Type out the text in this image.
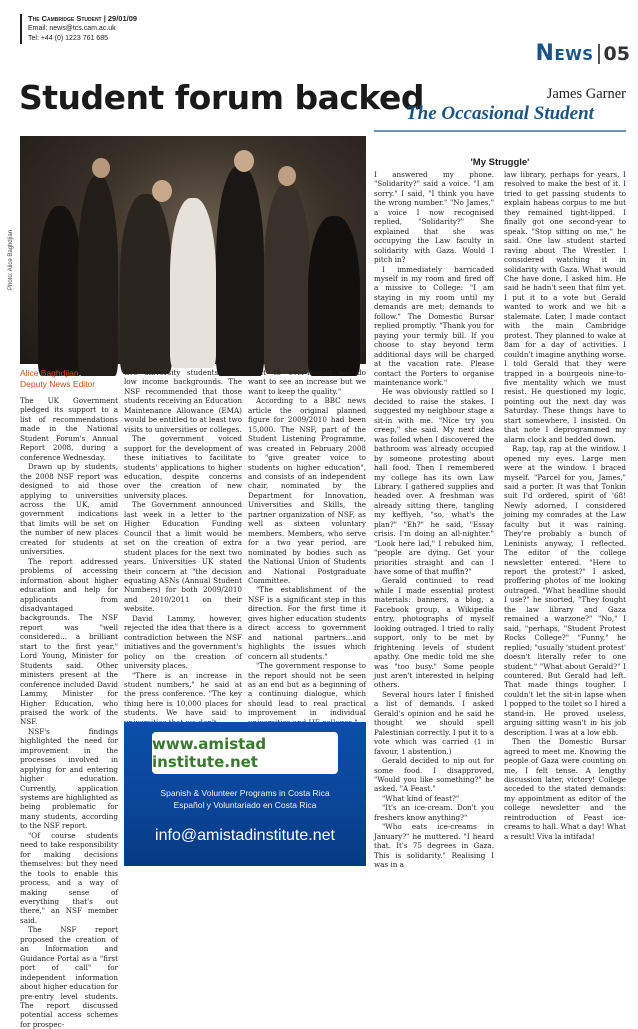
The Cambridge Student | 29/01/09
Email: news@tcs.cam.ac.uk
Tel: +44 (0) 1223 761 685
News 05
Student forum backed
Photo: Alice Baghdjian
Alice Baghdjian
Deputy News Editor

The UK Government pledged its support to a list of recommendations made in the National Student Forum's Annual Report 2008, during a conference Wednesday.

Drawn up by students, the 2008 NSF report was designed to aid those applying to universities across the UK, amid government indications that limits will be set on the number of new places created for students at universities.

The report addressed problems of accessing information about higher education and help for applicants from disadvantaged backgrounds. The NSF report was "well considered... a brilliant start to the first year," Lord Young, Minister for Students said. Other ministers present at the conference included David Lammy, Minister for Higher Education, who praised the work of the NSF.

NSF's findings highlighted the need for improvement in the processes involved in applying for and entering higher education. Currently, application systems are highlighted as being problematic for many students, according to the NSF report.

"Of course students need to take responsibility for making decisions themselves: but they need the tools to enable this process, and a way of making sense of everything that's out there," an NSF member said.

The NSF report proposed the creation of an Information and Guidance Portal as a "first port of call" for independent information about higher education for pre-entry level students. The report discussed potential access schemes for prospec-

tive university students from low income backgrounds. The NSF recommended that those students receiving an Education Maintenance Allowance (EMA) would be entitled to at least two visits to universities or colleges.

The government voiced support for the development of these initiatives to facilitate students' applications to higher education, despite concerns over the creation of new university places.

The Government announced last week in a letter to the Higher Education Funding Council that a limit would be set on the creation of extra student places for the next two years. Universities UK stated their concern at "the decision equating ASNs (Annual Student Numbers) for both 2009/2010 and 2010/2011 on their website.

David Lammy, however, rejected the idea that there is a contradiction between the NSF initiatives and the government's policy on the creation of university places.

"There is an increase in student numbers," he said at the press conference. "The key thing here is 10,000 places for students. We have said to

want to over-recruit...we do want to see an increase but we want to keep the quality."

According to a BBC news article the original planned figure for 2009/2010 had been 15,000. The NSF, part of the Student Listening Programme, was created in February 2008 to "give greater voice to students on higher education", and consists of an independent chair, nominated by the Department for Innovation, Universities and Skills, the partner organization of NSF, as well as sixteen voluntary members. Members, who serve for a two year period, are nominated by bodies such as the National Union of Students and National Postgraduate Committee.

"The establishment of the NSF is a significant step in this direction. For the first time it gives higher education students direct access to government and national partners...and highlights the issues which concern all students."

"The government response to the report should not be seen as an end but as a beginning of a continuing dialogue, which should lead to real practical improvement in individual

www.amistad institute.net
Spanish & Volunteer Programs in Costa Rica
Español y Voluntariado en Costa Rica
info@amistadinstitute.net
James Garner
The Occasional Student
'My Struggle'

I answered my phone. "Solidarity?" said a voice. "I am sorry." I said, "I think you have the wrong number." "No James," a voice I now recognised replied, "Solidarity?" She explained that she was occupying the Law faculty in solidarity with Gaza. Would I pitch in?

I immediately barricaded myself in my room and fired off a missive to College: "I am staying in my room until my demands are met; demands to follow." The Domestic Bursar replied promptly. "Thank you for paying your termly bill. If you choose to stay beyond term additional days will be charged at the vacation rate. Please contact the Porters to organise maintenance work."

He was obviously rattled so I decided to raise the stakes. I suggested my neighbour stage a sit-in with me. "Nice try you creep," she said. My next idea was foiled when I discovered the bathroom was already occupied by someone protesting about hall food. Then I remembered my college has its own Law Library. I gathered supplies and headed over. A freshman was already sitting there, tangling my keffiyeh, "so, what's the plan?" "Eh?" he said, "Essay crisis. I'm doing an all-nighter." "Look here lad," I rebuked him, "people are dying. Get your priorities straight and can I have some of that muffin?"

Gerald continued to read while I made essential protest materials: banners, a blog, a Facebook group, a Wikipedia entry, photographs of myself looking outraged. I tried to rally support, only to be met by frightening levels of student apathy. One medic told me she was "too busy." Some people just aren't interested in helping others.

Several hours later I finished a list of demands. I asked Gerald's opinion and he said he thought we should spell Palestinian correctly. I put it to a vote which was carried (1 in favour, 1 abstention.)

Gerald decided to nip out for some food. I disapproved, "Would you like something?" he asked. "A Feast."

"What kind of feast?"

"It's an ice-cream. Don't you freshers know anything?"

"Who eats ice-creams in January?" he muttered. "I heard that. It's 75 degrees in Gaza. This is solidarity." Realising I was in a

law library, perhaps for years, I resolved to make the best of it. I tried to get passing students to explain habeas corpus to me but they remained tight-lipped. I finally got one second-year to speak. "Stop sitting on me," he said. One law student started raving about The Wrestler. I considered watching it in solidarity with Gaza. What would Che have done, I asked him. He said he hadn't seen that film yet. I put it to a vote but Gerald wanted to work and we hit a stalemate. Later, I made contact with the main Cambridge protest. They planned to wake at 8am for a day of activities. I couldn't imagine anything worse. I told Gerald that they were trapped in a bourgeois nine-to-five mentality which we must resist. He questioned my logic, pointing out the next day was Saturday. These things have to start somewhere, I insisted. On that note I deprogrammed my alarm clock and bedded down.

Rap, tap, rap at the window. I opened my eyes. Large men were at the window. I braced myself. "Parcel for you, James," said a porter. It was that Tonkin suit I'd ordered, spirit of '68! Newly adorned, I considered joining my comrades at the Law faculty but it was raining. They're probably a bunch of Leninists anyway, I reflected. The editor of the college newsletter entered. "Here to report the protest?" I asked, proffering photos of me looking outraged. "What headline should I use?" he snorted, "They fought the law library and Gaza remained a warzone?" "No," I said, "perhaps, "Student Protest Rocks College?" "Funny," he replied; "usually 'student protest' doesn't literally refer to one student." "What about Gerald?" I countered. But Gerald had left. That made things tougher. I couldn't let the sit-in lapse when I popped to the toilet so I hired a stand-in. He proved useless, arguing sitting wasn't in his job description. I was at a low ebb.

Then the Domestic Bursar agreed to meet me. Knowing the people of Gaza were counting on me, I felt tense. A lengthy discussion later, victory! College acceded to the stated demands: my appointment as editor of the college newsletter and the reintroduction of Feast ice-creams to hall. What a day! What a result! Viva la intifada!
